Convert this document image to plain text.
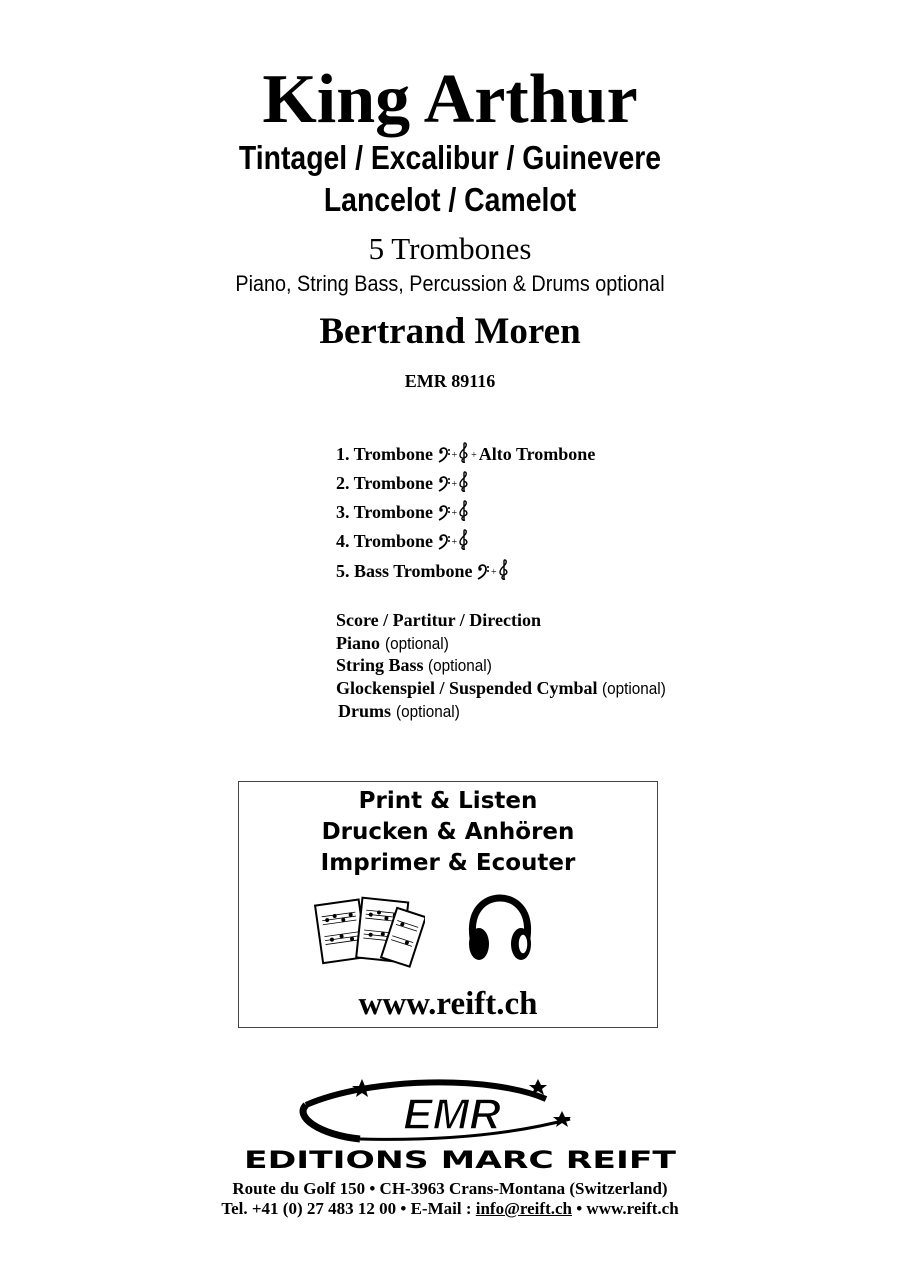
King Arthur
Tintagel / Excalibur / Guinevere
Lancelot / Camelot
5 Trombones
Piano, String Bass, Percussion & Drums optional
Bertrand Moren
EMR 89116
1. Trombone + + Alto Trombone
2. Trombone +
3. Trombone +
4. Trombone +
5. Bass Trombone +
Score / Partitur / Direction
Piano (optional)
String Bass (optional)
Glockenspiel / Suspended Cymbal (optional)
Drums (optional)
Print & Listen
Drucken & Anhören
Imprimer & Ecouter
www.reift.ch
EMR
EDITIONS MARC REIFT
Route du Golf 150 • CH-3963 Crans-Montana (Switzerland)
Tel. +41 (0) 27 483 12 00 • E-Mail : info@reift.ch • www.reift.ch
